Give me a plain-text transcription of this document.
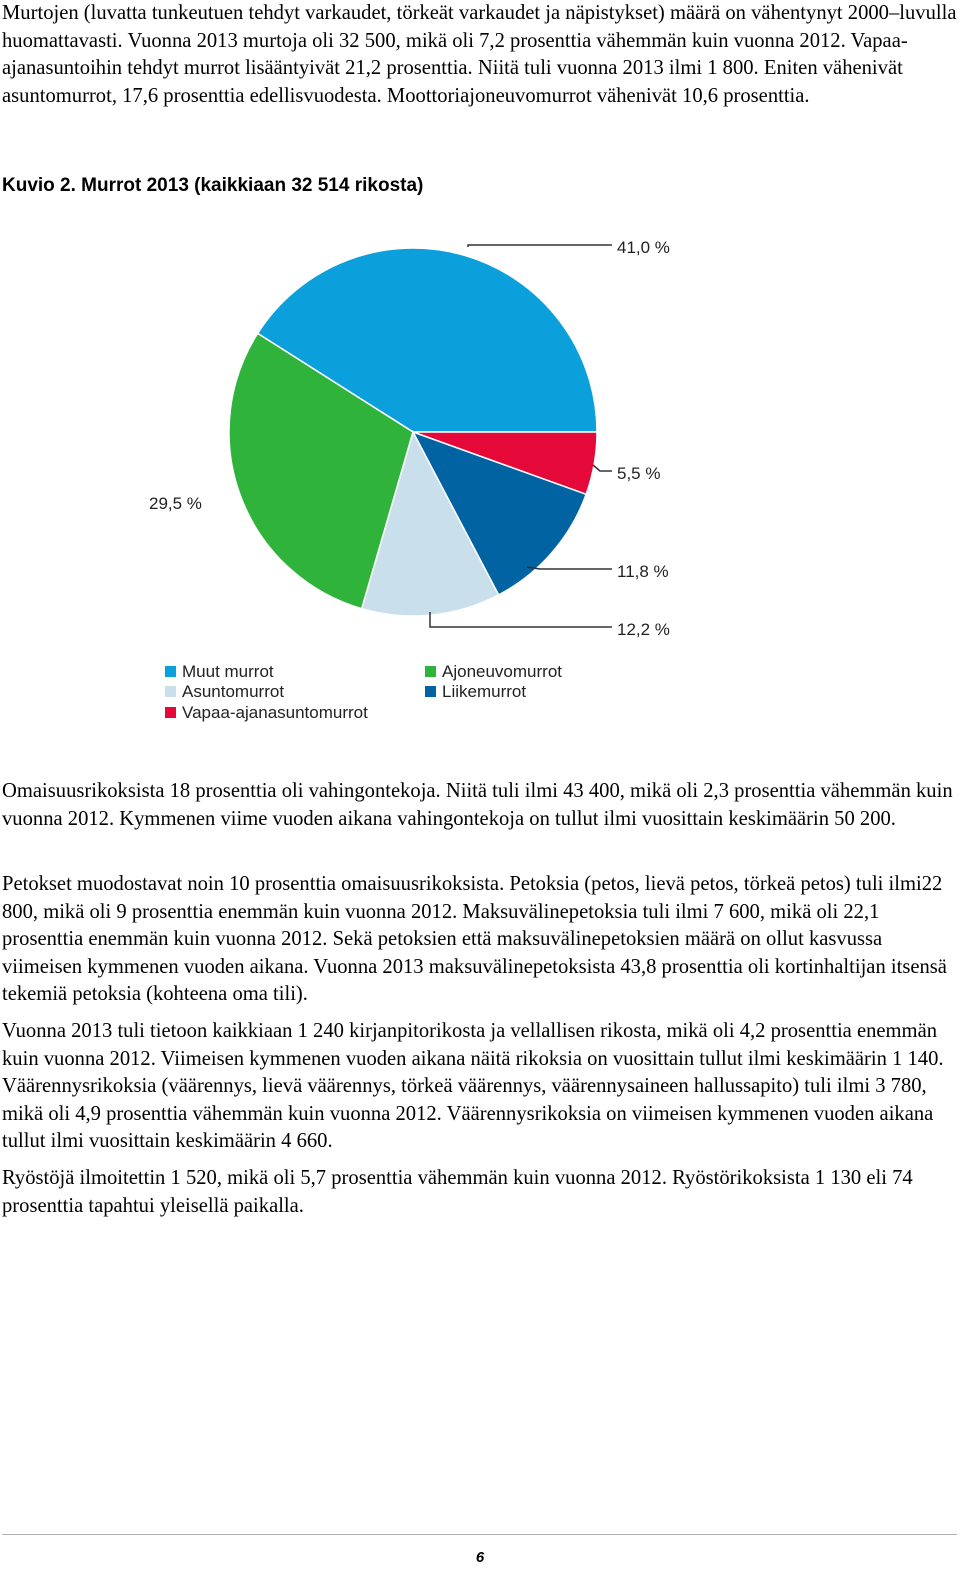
Murtojen (luvatta tunkeutuen tehdyt varkaudet, törkeät varkaudet ja näpistykset) määrä on vähentynyt 2000–luvulla huomattavasti. Vuonna 2013 murtoja oli 32 500, mikä oli 7,2 prosenttia vähemmän kuin vuonna 2012. Vapaa-ajanasuntoihin tehdyt murrot lisääntyivät 21,2 prosenttia. Niitä tuli vuonna 2013 ilmi 1 800. Eniten vähenivät asuntomurrot, 17,6 prosenttia edellisvuodesta. Moottoriajoneuvomurrot vähenivät 10,6 prosenttia.

Kuvio 2. Murrot 2013 (kaikkiaan 32 514 rikosta)

41,0 %
5,5 %
11,8 %
12,2 %
29,5 %
Muut murrot	Ajoneuvomurrot
Asuntomurrot	Liikemurrot
Vapaa-ajanasuntomurrot

Omaisuusrikoksista 18 prosenttia oli vahingontekoja. Niitä tuli ilmi 43 400, mikä oli 2,3 prosenttia vähemmän kuin vuonna 2012. Kymmenen viime vuoden aikana vahingontekoja on tullut ilmi vuosittain keskimäärin 50 200.

Petokset muodostavat noin 10 prosenttia omaisuusrikoksista. Petoksia (petos, lievä petos, törkeä petos) tuli ilmi22 800, mikä oli 9 prosenttia enemmän kuin vuonna 2012. Maksuvälinepetoksia tuli ilmi 7 600, mikä oli 22,1 prosenttia enemmän kuin vuonna 2012. Sekä petoksien että maksuvälinepetoksien määrä on ollut kasvussa viimeisen kymmenen vuoden aikana. Vuonna 2013 maksuvälinepetoksista 43,8 prosenttia oli kortinhaltijan itsensä tekemiä petoksia (kohteena oma tili).

Vuonna 2013 tuli tietoon kaikkiaan 1 240 kirjanpitorikosta ja vellallisen rikosta, mikä oli 4,2 prosenttia enemmän kuin vuonna 2012. Viimeisen kymmenen vuoden aikana näitä rikoksia on vuosittain tullut ilmi keskimäärin 1 140. Väärennysrikoksia (väärennys, lievä väärennys, törkeä väärennys, väärennysaineen hallussapito) tuli ilmi 3 780, mikä oli 4,9 prosenttia vähemmän kuin vuonna 2012. Väärennysrikoksia on viimeisen kymmenen vuoden aikana tullut ilmi vuosittain keskimäärin 4 660.

Ryöstöjä ilmoitettin 1 520, mikä oli 5,7 prosenttia vähemmän kuin vuonna 2012. Ryöstörikoksista 1 130 eli 74 prosenttia tapahtui yleisellä paikalla.

6
